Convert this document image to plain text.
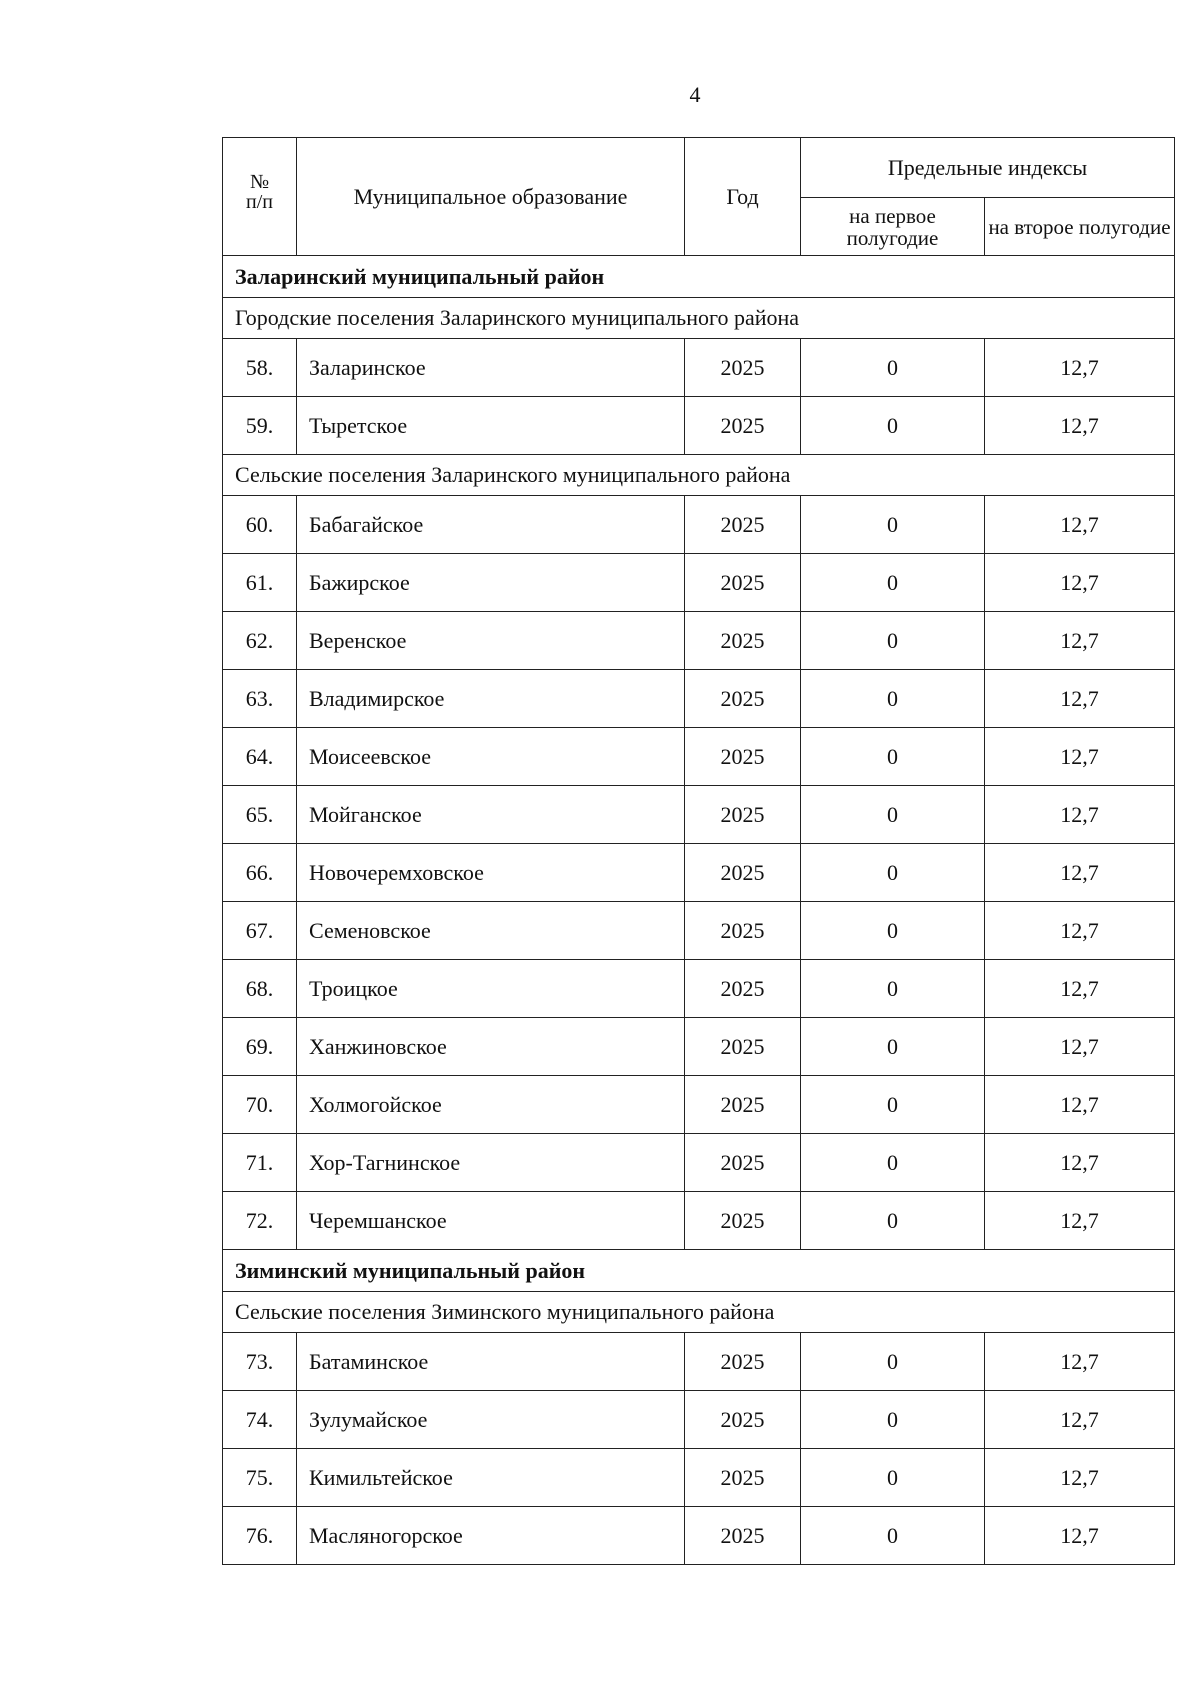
4
№
п/п	Муниципальное образование	Год	Предельные индексы	
			на первое полугодие	на второе полугодие
Заларинский муниципальный район				
Городские поселения Заларинского муниципального района				
58.	Заларинское	2025	0	12,7
59.	Тыретское	2025	0	12,7
Сельские поселения Заларинского муниципального района				
60.	Бабагайское	2025	0	12,7
61.	Бажирское	2025	0	12,7
62.	Веренское	2025	0	12,7
63.	Владимирское	2025	0	12,7
64.	Моисеевское	2025	0	12,7
65.	Мойганское	2025	0	12,7
66.	Новочеремховское	2025	0	12,7
67.	Семеновское	2025	0	12,7
68.	Троицкое	2025	0	12,7
69.	Ханжиновское	2025	0	12,7
70.	Холмогойское	2025	0	12,7
71.	Хор-Тагнинское	2025	0	12,7
72.	Черемшанское	2025	0	12,7
Зиминский муниципальный район				
Сельские поселения Зиминского муниципального района				
73.	Батаминское	2025	0	12,7
74.	Зулумайское	2025	0	12,7
75.	Кимильтейское	2025	0	12,7
76.	Масляногорское	2025	0	12,7
